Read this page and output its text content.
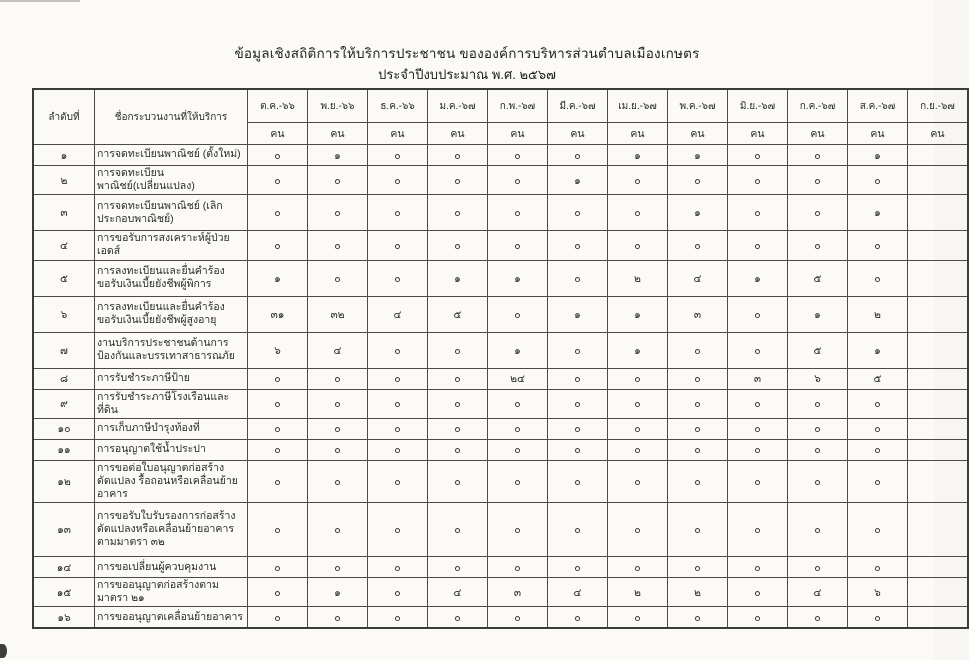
ข้อมูลเชิงสถิติการให้บริการประชาชน ขององค์การบริหารส่วนตำบลเมืองเกษตร
ประจำปีงบประมาณ พ.ศ. ๒๕๖๗
ลำดับที่	ชื่อกระบวนงานที่ให้บริการ	ต.ค.-๖๖	พ.ย.-๖๖	ธ.ค.-๖๖	ม.ค.-๖๗	ก.พ.-๖๗	มี.ค.-๖๗	เม.ย.-๖๗	พ.ค.-๖๗	มิ.ย.-๖๗	ก.ค.-๖๗	ส.ค.-๖๗	ก.ย.-๖๗
		คน	คน	คน	คน	คน	คน	คน	คน	คน	คน	คน	คน
๑	การจดทะเบียนพาณิชย์ (ตั้งใหม่)	๐	๑	๐	๐	๐	๐	๑	๑	๐	๐	๑	
๒	การจดทะเบียนพาณิชย์(เปลี่ยนแปลง)	๐	๐	๐	๐	๐	๑	๐	๐	๐	๐	๐	
๓	การจดทะเบียนพาณิชย์ (เลิกประกอบพาณิชย์)	๐	๐	๐	๐	๐	๐	๐	๑	๐	๐	๑	
๔	การขอรับการสงเคราะห์ผู้ป่วยเอดส์	๐	๐	๐	๐	๐	๐	๐	๐	๐	๐	๐	
๕	การลงทะเบียนและยื่นคำร้องขอรับเงินเบี้ยยังชีพผู้พิการ	๑	๐	๐	๑	๑	๐	๒	๔	๑	๕	๐	
๖	การลงทะเบียนและยื่นคำร้องขอรับเงินเบี้ยยังชีพผู้สูงอายุ	๓๑	๓๒	๔	๕	๐	๑	๑	๓	๐	๑	๒	
๗	งานบริการประชาชนด้านการป้องกันและบรรเทาสาธารณภัย	๖	๔	๐	๐	๑	๐	๑	๐	๐	๕	๑	
๘	การรับชำระภาษีป้าย	๐	๐	๐	๐	๒๔	๐	๐	๐	๓	๖	๕	
๙	การรับชำระภาษีโรงเรือนและที่ดิน	๐	๐	๐	๐	๐	๐	๐	๐	๐	๐	๐	
๑๐	การเก็บภาษีบำรุงท้องที่	๐	๐	๐	๐	๐	๐	๐	๐	๐	๐	๐	
๑๑	การอนุญาตใช้น้ำประปา	๐	๐	๐	๐	๐	๐	๐	๐	๐	๐	๐	
๑๒	การขอต่อใบอนุญาตก่อสร้าง ดัดแปลง รื้อถอนหรือเคลื่อนย้ายอาคาร	๐	๐	๐	๐	๐	๐	๐	๐	๐	๐	๐	
๑๓	การขอรับใบรับรองการก่อสร้าง ดัดแปลงหรือเคลื่อนย้ายอาคาร ตามมาตรา ๓๒	๐	๐	๐	๐	๐	๐	๐	๐	๐	๐	๐	
๑๔	การขอเปลี่ยนผู้ควบคุมงาน	๐	๐	๐	๐	๐	๐	๐	๐	๐	๐	๐	
๑๕	การขออนุญาตก่อสร้างตามมาตรา ๒๑	๐	๑	๐	๔	๓	๔	๒	๒	๐	๔	๖	
๑๖	การขออนุญาตเคลื่อนย้ายอาคาร	๐	๐	๐	๐	๐	๐	๐	๐	๐	๐	๐	
